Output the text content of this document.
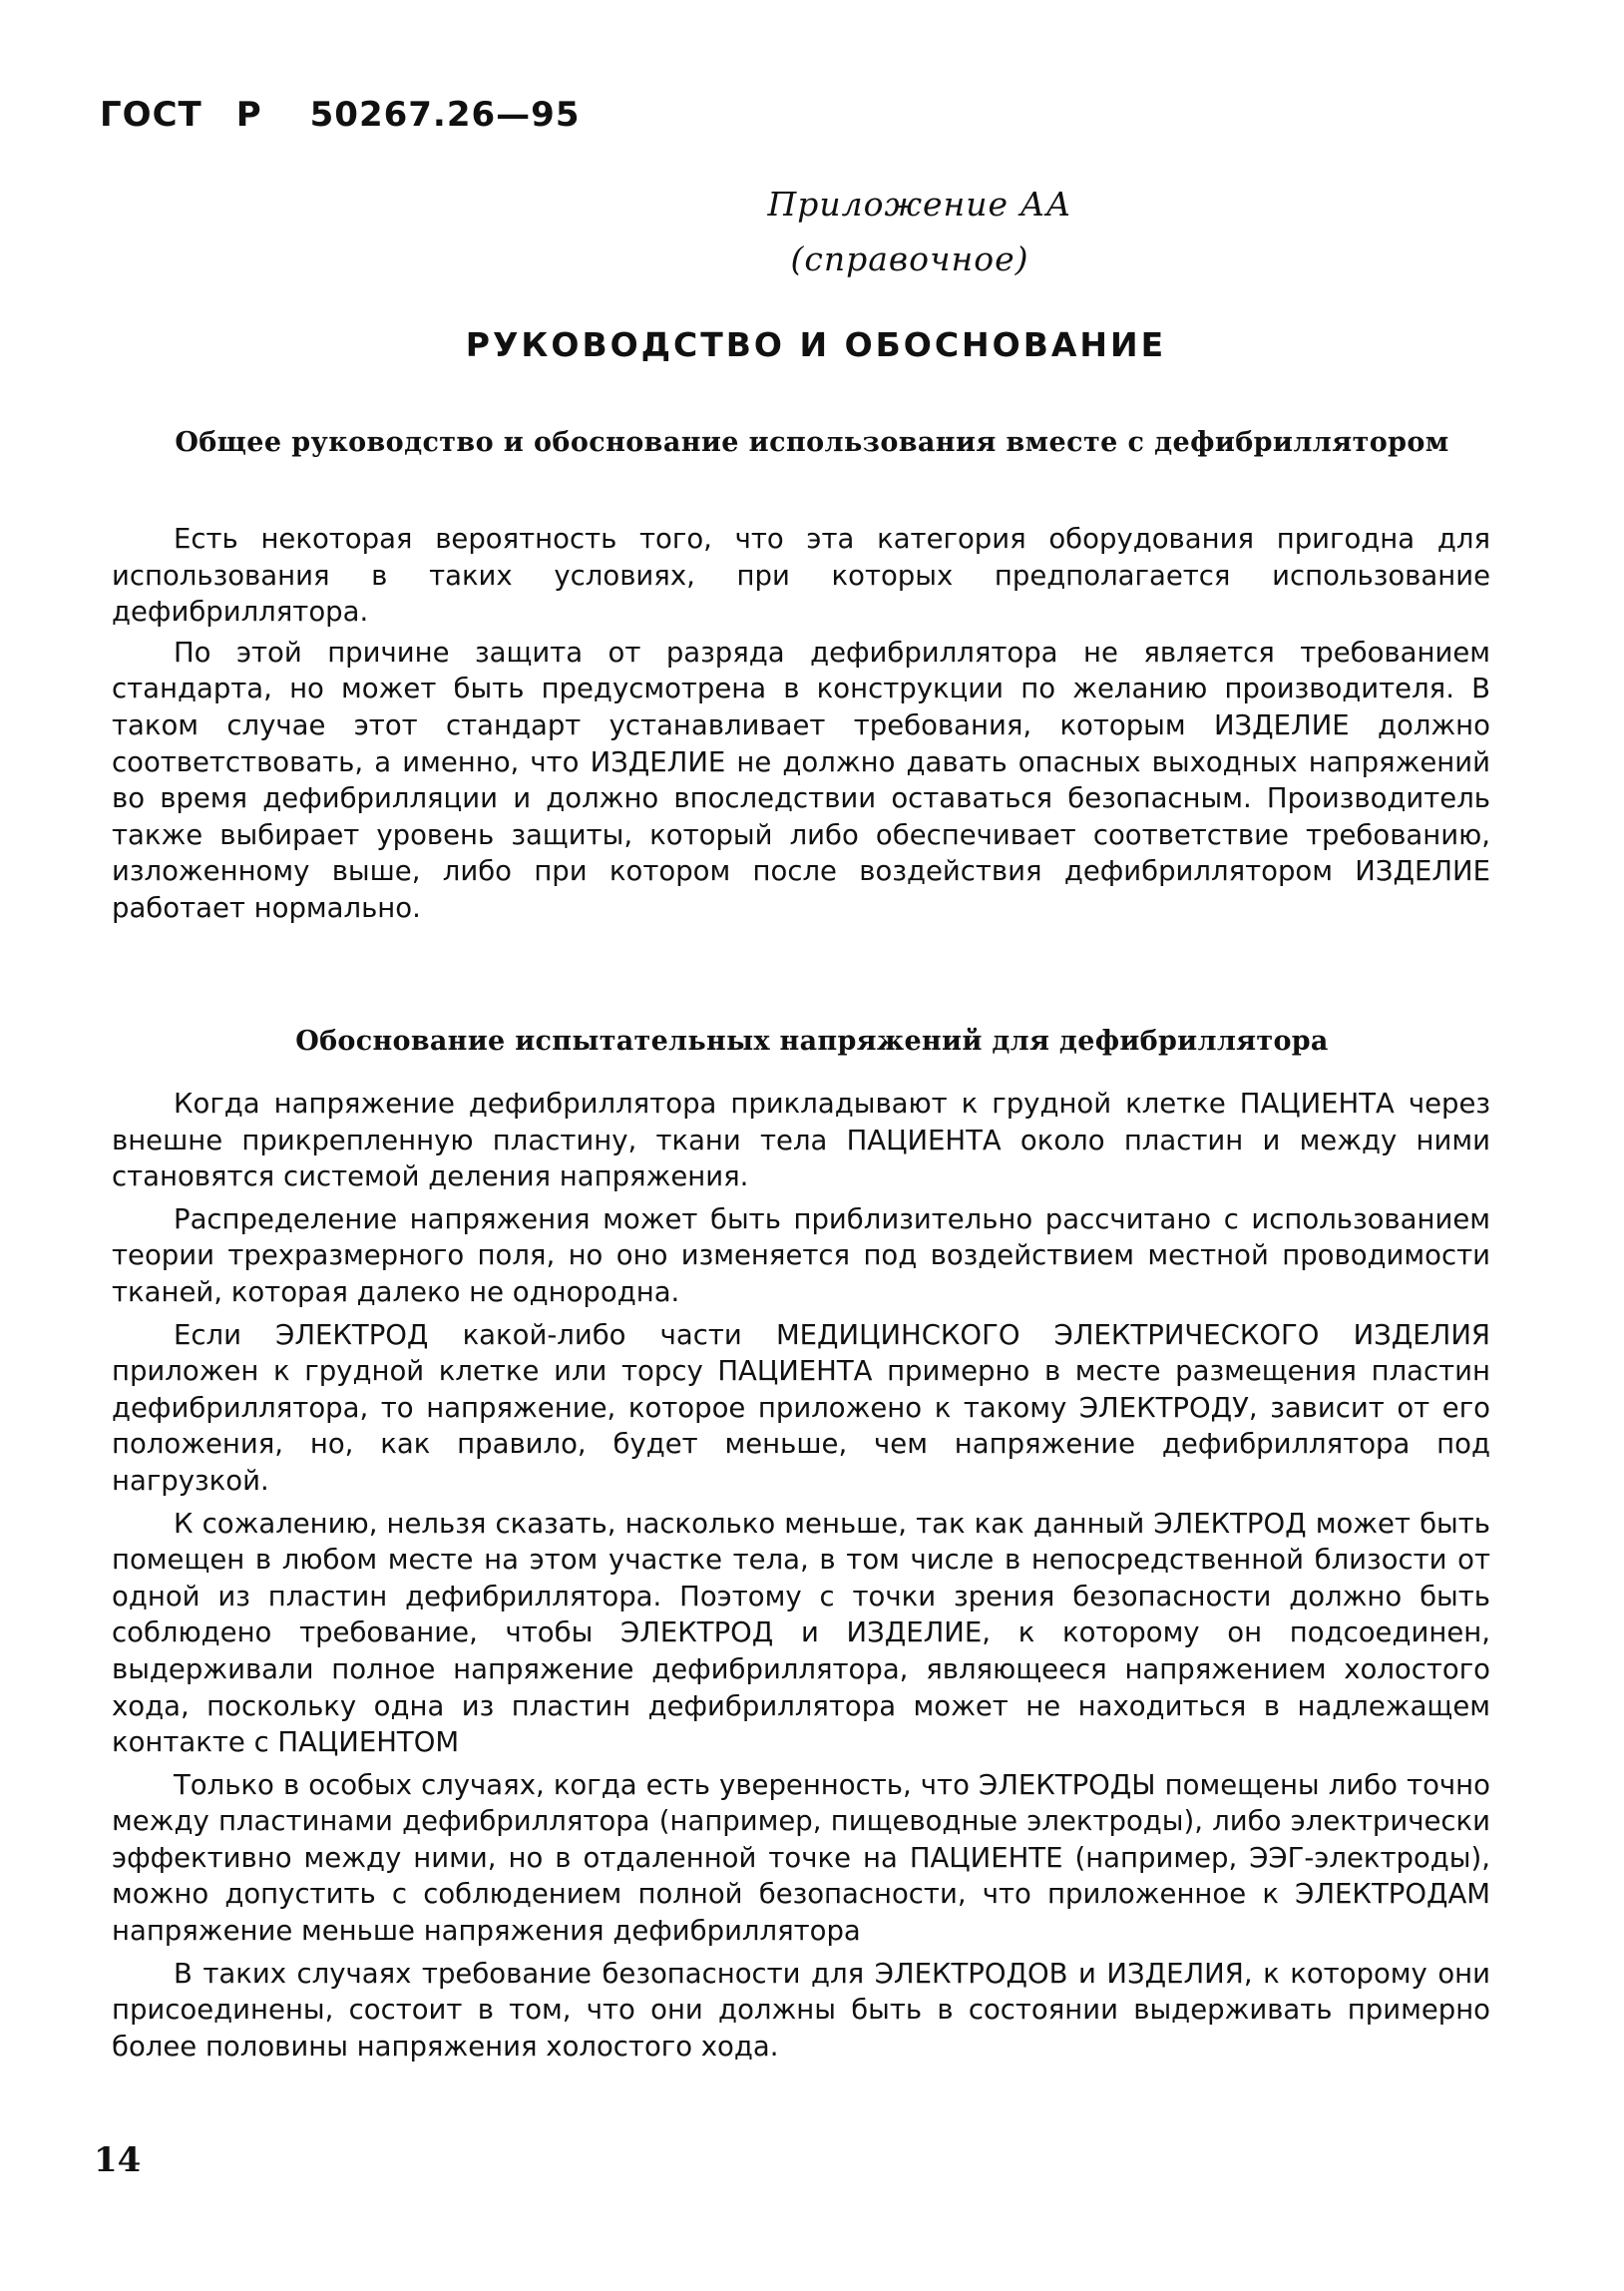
ГОСТ Р 50267.26—95
Приложение АА
(справочное)
РУКОВОДСТВО И ОБОСНОВАНИЕ
Общее руководство и обоснование использования вместе с дефибриллятором

Есть некоторая вероятность того, что эта категория оборудования пригодна для использования в таких условиях, при которых предполагается использование дефибриллятора.

По этой причине защита от разряда дефибриллятора не является требованием стандарта, но может быть предусмотрена в конструкции по желанию производителя. В таком случае этот стандарт устанавливает требования, которым ИЗДЕЛИЕ должно соответствовать, а именно, что ИЗДЕЛИЕ не должно давать опасных выходных напряжений во время дефибрилляции и должно впоследствии оставаться безопасным. Производитель также выбирает уровень защиты, который либо обеспечивает соответствие требованию, изложенному выше, либо при котором после воздействия дефибриллятором ИЗДЕЛИЕ работает нормально.

Обоснование испытательных напряжений для дефибриллятора

Когда напряжение дефибриллятора прикладывают к грудной клетке ПАЦИЕНТА через внешне прикрепленную пластину, ткани тела ПАЦИЕНТА около пластин и между ними становятся системой деления напряжения.

Распределение напряжения может быть приблизительно рассчитано с использованием теории трехразмерного поля, но оно изменяется под воздействием местной проводимости тканей, которая далеко не однородна.

Если ЭЛЕКТРОД какой-либо части МЕДИЦИНСКОГО ЭЛЕКТРИЧЕСКОГО ИЗДЕЛИЯ приложен к грудной клетке или торсу ПАЦИЕНТА примерно в месте размещения пластин дефибриллятора, то напряжение, которое приложено к такому ЭЛЕКТРОДУ, зависит от его положения, но, как правило, будет меньше, чем напряжение дефибриллятора под нагрузкой.

К сожалению, нельзя сказать, насколько меньше, так как данный ЭЛЕКТРОД может быть помещен в любом месте на этом участке тела, в том числе в непосредственной близости от одной из пластин дефибриллятора. Поэтому с точки зрения безопасности должно быть соблюдено требование, чтобы ЭЛЕКТРОД и ИЗДЕЛИЕ, к которому он подсоединен, выдерживали полное напряжение дефибриллятора, являющееся напряжением холостого хода, поскольку одна из пластин дефибриллятора может не находиться в надлежащем контакте с ПАЦИЕНТОМ

Только в особых случаях, когда есть уверенность, что ЭЛЕКТРОДЫ помещены либо точно между пластинами дефибриллятора (например, пищеводные электроды), либо электрически эффективно между ними, но в отдаленной точке на ПАЦИЕНТЕ (например, ЭЭГ-электроды), можно допустить с соблюдением полной безопасности, что приложенное к ЭЛЕКТРОДАМ напряжение меньше напряжения дефибриллятора

В таких случаях требование безопасности для ЭЛЕКТРОДОВ и ИЗДЕЛИЯ, к которому они присоединены, состоит в том, что они должны быть в состоянии выдерживать примерно более половины напряжения холостого хода.

14
